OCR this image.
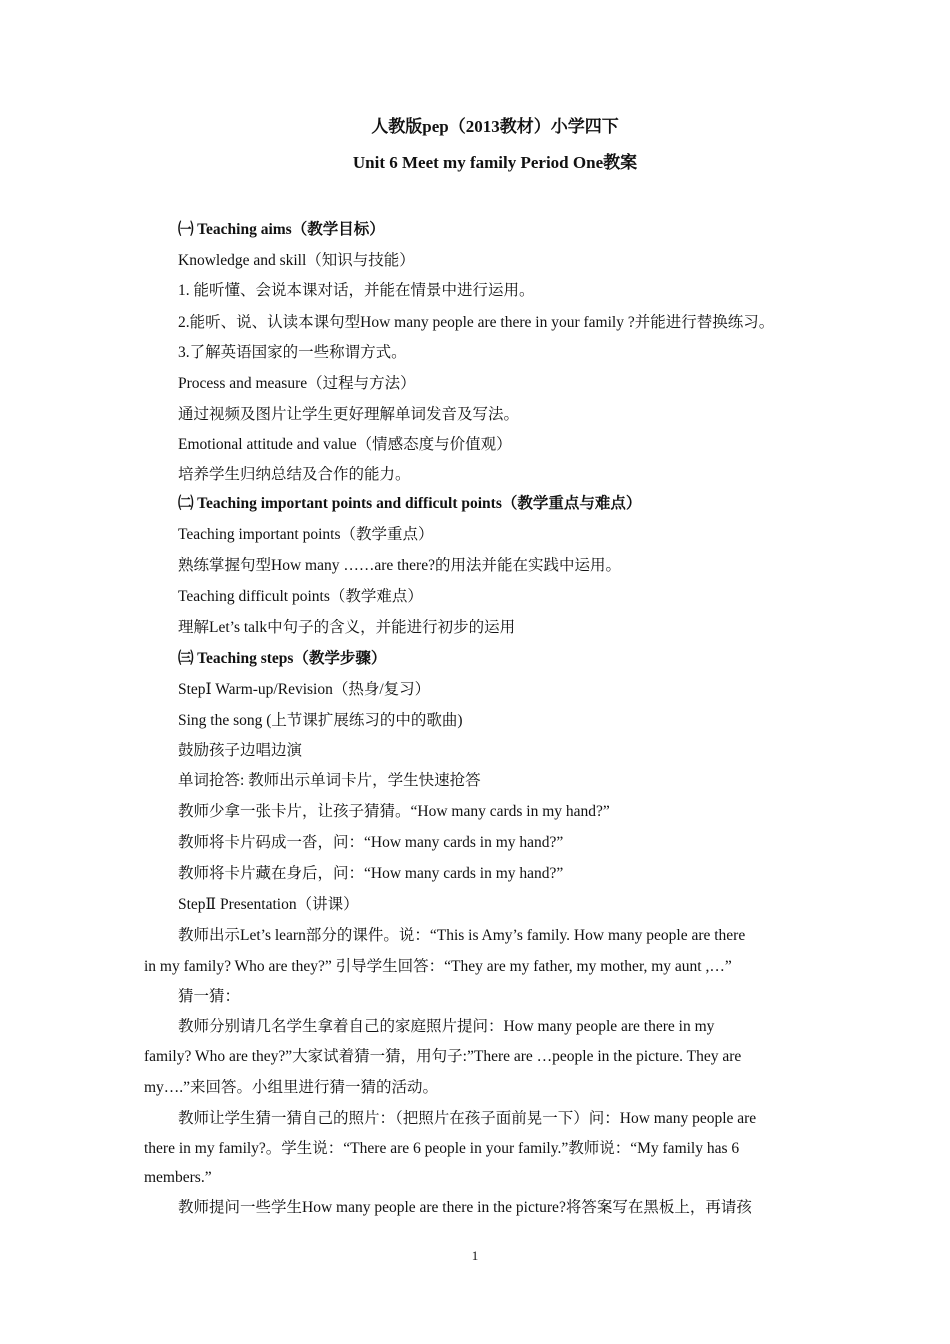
人教版pep（2013教材）小学四下
Unit 6 Meet my family Period One教案
㈠ Teaching aims（教学目标）
Knowledge and skill（知识与技能）
1. 能听懂、会说本课对话，并能在情景中进行运用。
2.能听、说、认读本课句型How many people are there in your family ?并能进行替换练习。
3.了解英语国家的一些称谓方式。
Process and measure（过程与方法）
通过视频及图片让学生更好理解单词发音及写法。
Emotional attitude and value（情感态度与价值观）
培养学生归纳总结及合作的能力。
㈡ Teaching important points and difficult points（教学重点与难点）
Teaching important points（教学重点）
熟练掌握句型How many ……are there?的用法并能在实践中运用。
Teaching difficult points（教学难点）
理解Let’s talk中句子的含义，并能进行初步的运用
㈢ Teaching steps（教学步骤）
StepⅠ Warm-up/Revision（热身/复习）
Sing the song (上节课扩展练习的中的歌曲)
鼓励孩子边唱边演
单词抢答: 教师出示单词卡片，学生快速抢答
教师少拿一张卡片，让孩子猜猜。“How many cards in my hand?”
教师将卡片码成一沓，问：“How many cards in my hand?”
教师将卡片藏在身后，问：“How many cards in my hand?”
StepⅡ Presentation（讲课）
教师出示Let’s learn部分的课件。说：“This is Amy’s family. How many people are there
in my family? Who are they?” 引导学生回答：“They are my father, my mother, my aunt ,…”
猜一猜：
教师分别请几名学生拿着自己的家庭照片提问：How many people are there in my
family? Who are they?”大家试着猜一猜，用句子:”There are …people in the picture. They are
my….”来回答。小组里进行猜一猜的活动。
教师让学生猜一猜自己的照片：（把照片在孩子面前晃一下）问：How many people are
there in my family?。学生说：“There are 6 people in your family.”教师说：“My family has 6
members.”
教师提问一些学生How many people are there in the picture?将答案写在黑板上，再请孩
1
